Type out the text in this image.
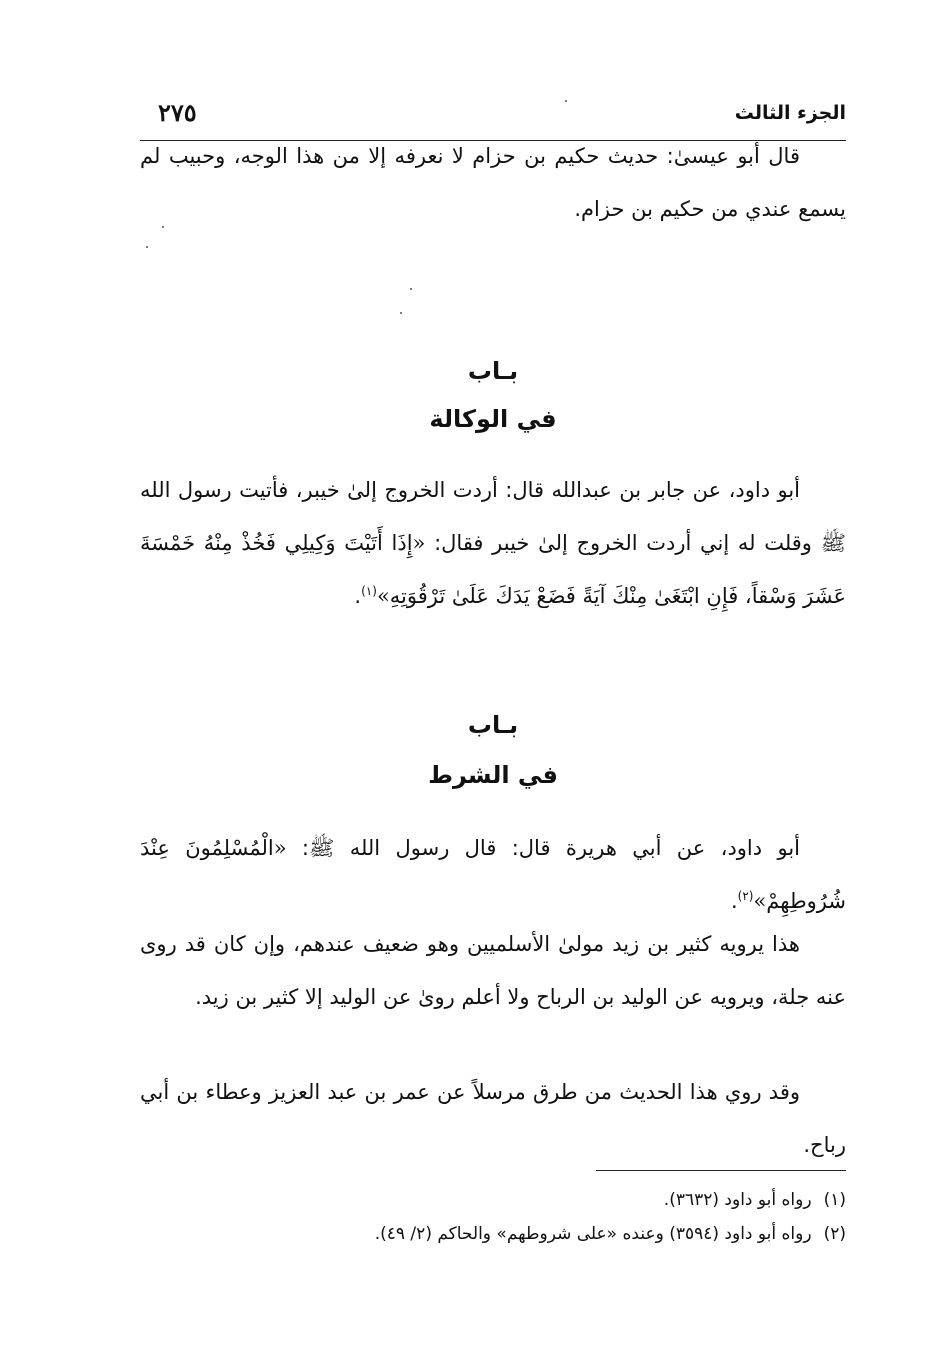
الجزء الثالث
٢٧٥

قال أبو عيسىٰ: حديث حكيم بن حزام لا نعرفه إلا من هذا الوجه، وحبيب لم يسمع عندي من حكيم بن حزام.

بـاب
في الوكالة

أبو داود، عن جابر بن عبدالله قال: أردت الخروج إلىٰ خيبر، فأتيت رسول الله ﷺ وقلت له إني أردت الخروج إلىٰ خيبر فقال: «إِذَا أَتَيْتَ وَكِيلِي فَخُذْ مِنْهُ خَمْسَةَ عَشَرَ وَسْقاً، فَإِنِ ابْتَغَىٰ مِنْكَ آيَةً فَضَعْ يَدَكَ عَلَىٰ تَرْقُوَتِهِ»$^{(١)}$.

بـاب
في الشرط

أبو داود، عن أبي هريرة قال: قال رسول الله ﷺ: «الْمُسْلِمُونَ عِنْدَ شُرُوطِهِمْ»$^{(٢)}$.

هذا يرويه كثير بن زيد مولىٰ الأسلميين وهو ضعيف عندهم، وإن كان قد روى عنه جلة، ويرويه عن الوليد بن الرباح ولا أعلم روىٰ عن الوليد إلا كثير بن زيد.

وقد روي هذا الحديث من طرق مرسلاً عن عمر بن عبد العزيز وعطاء بن أبي رباح.

(١)رواه أبو داود (٣٦٣٢).
(٢)رواه أبو داود (٣٥٩٤) وعنده «على شروطهم» والحاكم (٢/ ٤٩).
